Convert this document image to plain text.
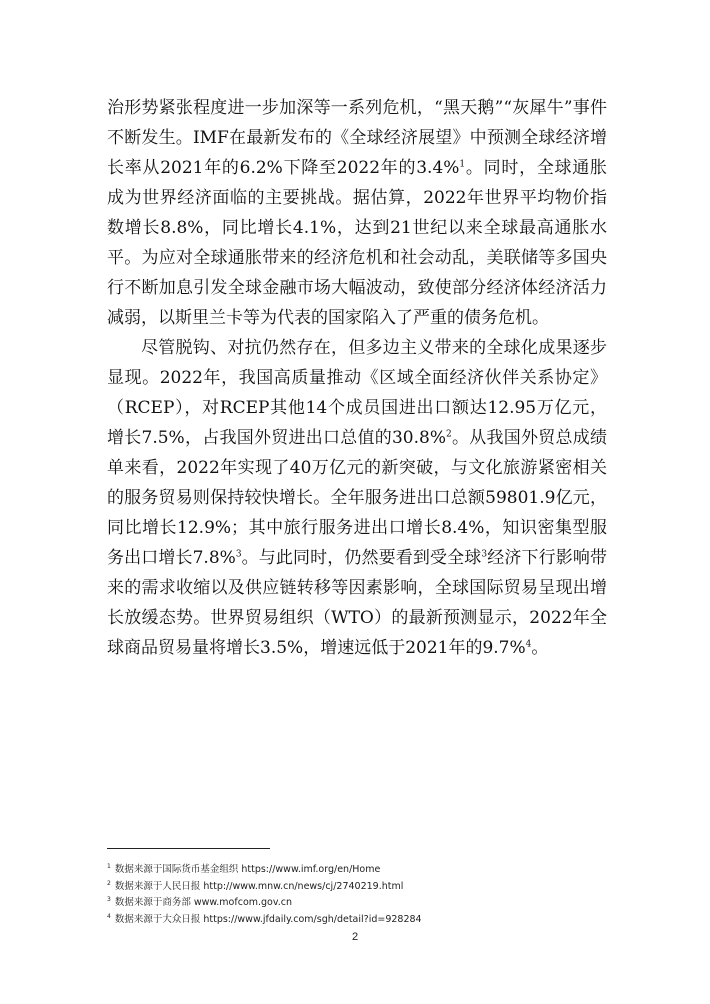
治形势紧张程度进一步加深等一系列危机，“黑天鹅”“灰犀牛”事件不断发生。IMF在最新发布的《全球经济展望》中预测全球经济增长率从2021年的6.2%下降至2022年的3.4%$^1$。同时，全球通胀成为世界经济面临的主要挑战。据估算，2022年世界平均物价指数增长8.8%，同比增长4.1%，达到21世纪以来全球最高通胀水平。为应对全球通胀带来的经济危机和社会动乱，美联储等多国央行不断加息引发全球金融市场大幅波动，致使部分经济体经济活力减弱，以斯里兰卡等为代表的国家陷入了严重的债务危机。

尽管脱钩、对抗仍然存在，但多边主义带来的全球化成果逐步显现。2022年，我国高质量推动《区域全面经济伙伴关系协定》（RCEP），对RCEP其他14个成员国进出口额达12.95万亿元，增长7.5%，占我国外贸进出口总值的30.8%$^2$。从我国外贸总成绩单来看，2022年实现了40万亿元的新突破，与文化旅游紧密相关的服务贸易则保持较快增长。全年服务进出口总额59801.9亿元，同比增长12.9%；其中旅行服务进出口增长8.4%，知识密集型服务出口增长7.8%$^3$。与此同时，仍然要看到受全球$^3$经济下行影响带来的需求收缩以及供应链转移等因素影响，全球国际贸易呈现出增长放缓态势。世界贸易组织（WTO）的最新预测显示，2022年全球商品贸易量将增长3.5%，增速远低于2021年的9.7%$^4$。

$^1$ 数据来源于国际货币基金组织 https://www.imf.org/en/Home
$^2$ 数据来源于人民日报 http://www.mnw.cn/news/cj/2740219.html
$^3$ 数据来源于商务部 www.mofcom.gov.cn
$^4$ 数据来源于大众日报 https://www.jfdaily.com/sgh/detail?id=928284
2
